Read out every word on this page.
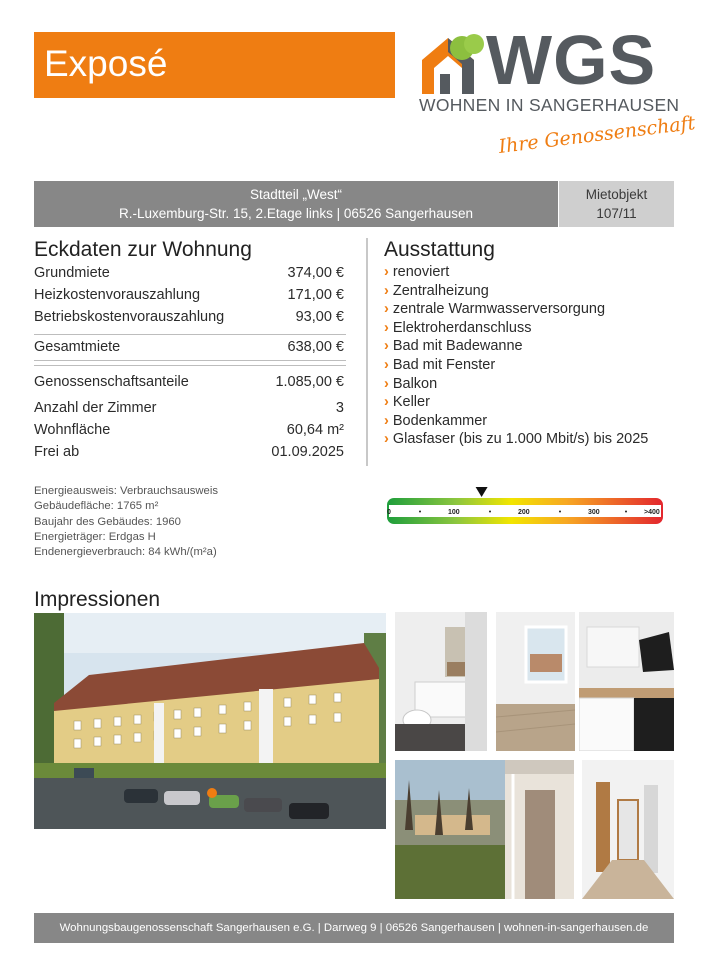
Exposé	WGS
WOHNEN IN SANGERHAUSEN
Ihre Genossenschaft
Stadtteil „West“
R.-Luxemburg-Str. 15, 2.Etage links | 06526 Sangerhausen
Mietobjekt
107/11
Eckdaten zur Wohnung	Ausstattung
Grundmiete	374,00 €
Heizkostenvorauszahlung	171,00 €
Betriebskostenvorauszahlung	93,00 €
Gesamtmiete	638,00 €
Genossenschaftsanteile	1.085,00 €
Anzahl der Zimmer	3
Wohnfläche	60,64 m²
Frei ab	01.09.2025
› renoviert
› Zentralheizung
› zentrale Warmwasserversorgung
› Elektroherdanschluss
› Bad mit Badewanne
› Bad mit Fenster
› Balkon
› Keller
› Bodenkammer
› Glasfaser (bis zu 1.000 Mbit/s) bis 2025
Energieausweis: Verbrauchsausweis
Gebäudefläche: 1765 m²
Baujahr des Gebäudes: 1960
Energieträger: Erdgas H
Endenergieverbrauch: 84 kWh/(m²a)
0	100	200	300	>400
Impressionen
Wohnungsbaugenossenschaft Sangerhausen e.G. | Darrweg 9 | 06526 Sangerhausen | wohnen-in-sangerhausen.de
